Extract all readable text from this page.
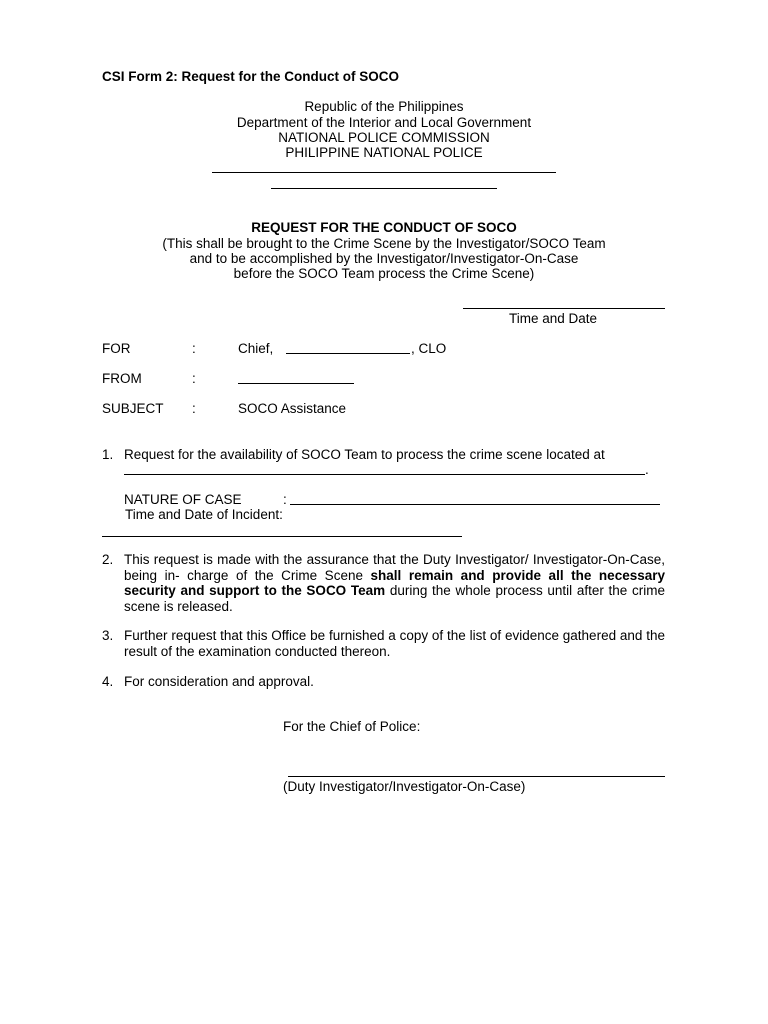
CSI Form 2: Request for the Conduct of SOCO
Republic of the Philippines
Department of the Interior and Local Government
NATIONAL POLICE COMMISSION
PHILIPPINE NATIONAL POLICE
REQUEST FOR THE CONDUCT OF SOCO
(This shall be brought to the Crime Scene by the Investigator/SOCO Team
and to be accomplished by the Investigator/Investigator-On-Case
before the SOCO Team process the Crime Scene)
Time and Date
FOR	:	Chief,	, CLO
FROM	:
SUBJECT :	SOCO Assistance
1. Request for the availability of SOCO Team to process the crime scene located at
.
NATURE OF CASE	:
Time and Date of Incident:
2. This request is made with the assurance that the Duty Investigator/ Investigator-On-Case, being in- charge of the Crime Scene shall remain and provide all the necessary security and support to the SOCO Team during the whole process until after the crime scene is released.
3. Further request that this Office be furnished a copy of the list of evidence gathered and the result of the examination conducted thereon.
4. For consideration and approval.
For the Chief of Police:
(Duty Investigator/Investigator-On-Case)
